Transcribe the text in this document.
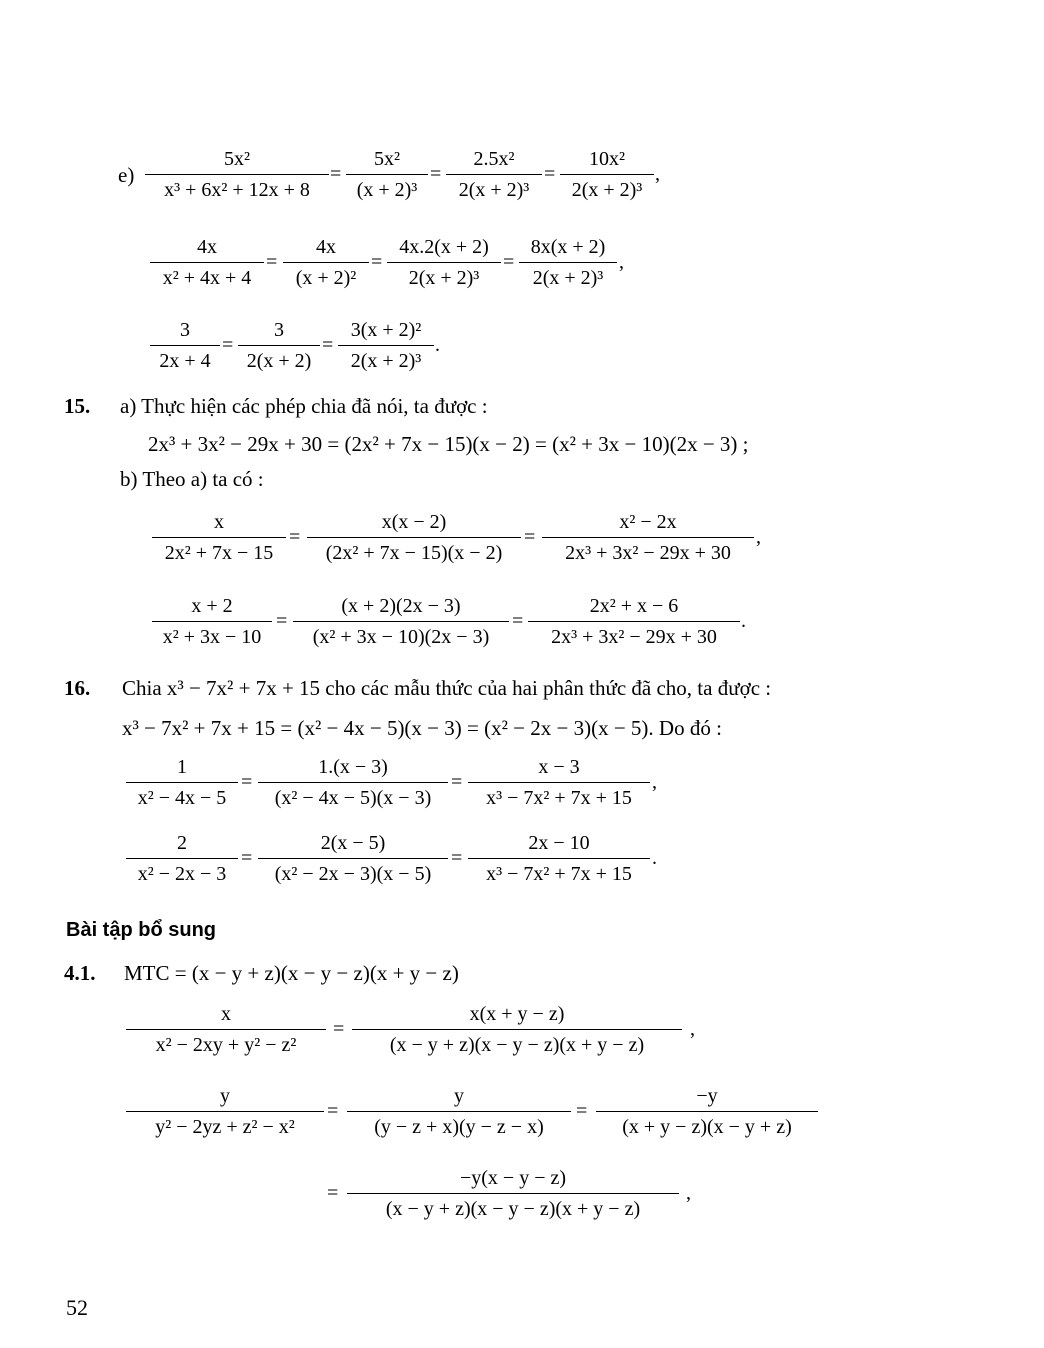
e)
5x²
x³ + 6x² + 12x + 8
=
5x²
(x + 2)³
=
2.5x²
2(x + 2)³
=
10x²
2(x + 2)³
,
4x
x² + 4x + 4
=
4x
(x + 2)²
=
4x.2(x + 2)
2(x + 2)³
=
8x(x + 2)
2(x + 2)³
,
3
2x + 4
=
3
2(x + 2)
=
3(x + 2)²
2(x + 2)³
.
15. a) Thực hiện các phép chia đã nói, ta được :
2x³ + 3x² − 29x + 30 = (2x² + 7x − 15)(x − 2) = (x² + 3x − 10)(2x − 3) ;
b) Theo a) ta có :
x
2x² + 7x − 15
=
x(x − 2)
(2x² + 7x − 15)(x − 2)
=
x² − 2x
2x³ + 3x² − 29x + 30
,
x + 2
x² + 3x − 10
=
(x + 2)(2x − 3)
(x² + 3x − 10)(2x − 3)
=
2x² + x − 6
2x³ + 3x² − 29x + 30
.
16. Chia x³ − 7x² + 7x + 15 cho các mẫu thức của hai phân thức đã cho, ta được :
x³ − 7x² + 7x + 15 = (x² − 4x − 5)(x − 3) = (x² − 2x − 3)(x − 5). Do đó :
1
x² − 4x − 5
=
1.(x − 3)
(x² − 4x − 5)(x − 3)
=
x − 3
x³ − 7x² + 7x + 15
,
2
x² − 2x − 3
=
2(x − 5)
(x² − 2x − 3)(x − 5)
=
2x − 10
x³ − 7x² + 7x + 15
.
Bài tập bổ sung
4.1. MTC = (x − y + z)(x − y − z)(x + y − z)
x
x² − 2xy + y² − z²
=
x(x + y − z)
(x − y + z)(x − y − z)(x + y − z)
,
y
y² − 2yz + z² − x²
=
y
(y − z + x)(y − z − x)
=
−y
(x + y − z)(x − y + z)
=
−y(x − y − z)
(x − y + z)(x − y − z)(x + y − z)
,
52
